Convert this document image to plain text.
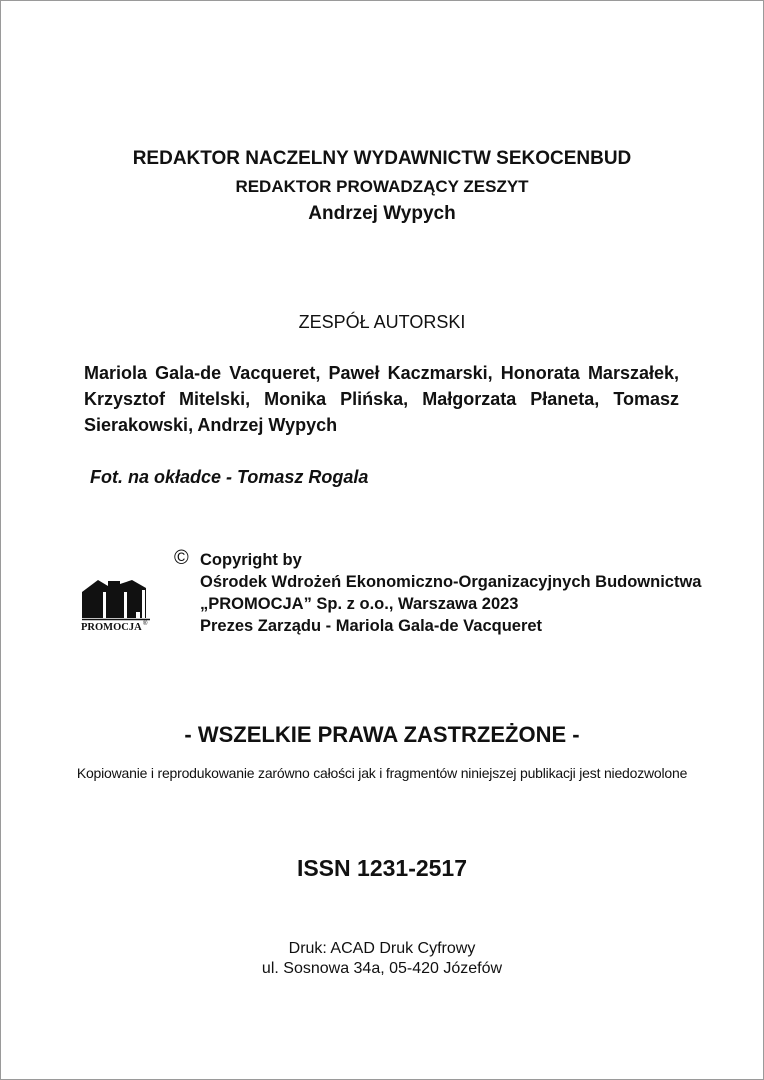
REDAKTOR NACZELNY WYDAWNICTW SEKOCENBUD
REDAKTOR PROWADZĄCY ZESZYT
Andrzej Wypych
ZESPÓŁ AUTORSKI
Mariola Gala-de Vacqueret, Paweł Kaczmarski, Honorata Marszałek, Krzysztof Mitelski, Monika Plińska, Małgorzata Płaneta, Tomasz Sierakowski, Andrzej Wypych
Fot. na okładce - Tomasz Rogala
© Copyright by
Ośrodek Wdrożeń Ekonomiczno-Organizacyjnych Budownictwa
„PROMOCJA” Sp. z o.o., Warszawa 2023
Prezes Zarządu - Mariola Gala-de Vacqueret
PROMOCJA ®
- WSZELKIE PRAWA ZASTRZEŻONE -
Kopiowanie i reprodukowanie zarówno całości jak i fragmentów niniejszej publikacji jest niedozwolone
ISSN 1231-2517
Druk: ACAD Druk Cyfrowy
ul. Sosnowa 34a, 05-420 Józefów
